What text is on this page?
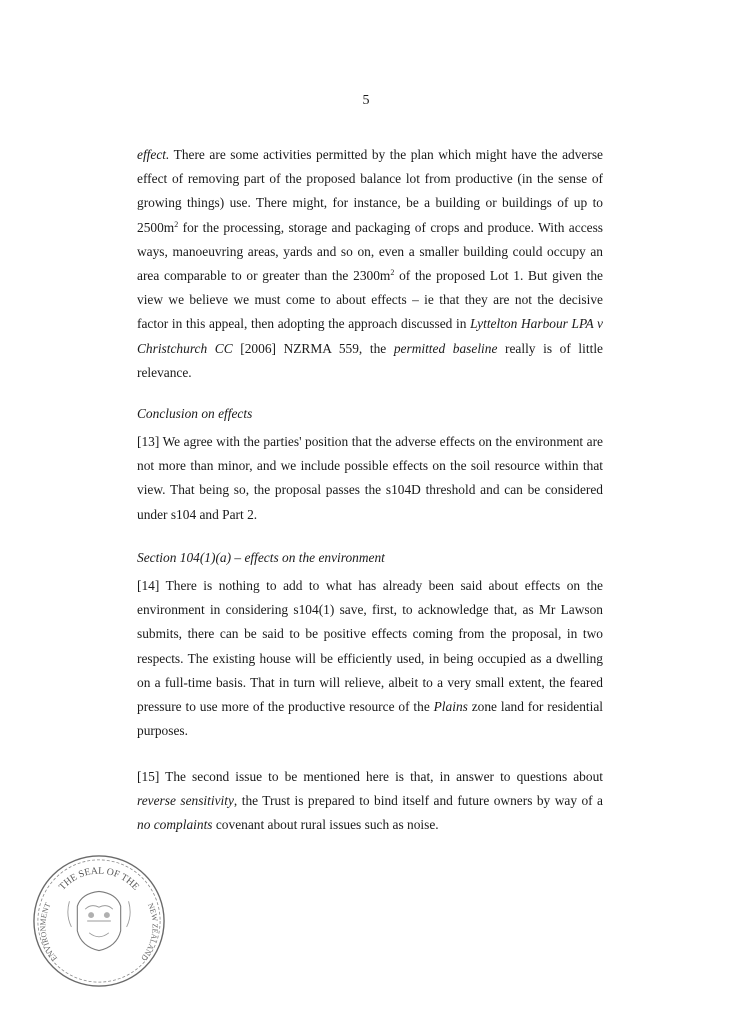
5

effect. There are some activities permitted by the plan which might have the adverse effect of removing part of the proposed balance lot from productive (in the sense of growing things) use. There might, for instance, be a building or buildings of up to $2500m^2$ for the processing, storage and packaging of crops and produce. With access ways, manoeuvring areas, yards and so on, even a smaller building could occupy an area comparable to or greater than the $2300m^2$ of the proposed Lot 1. But given the view we believe we must come to about effects – ie that they are not the decisive factor in this appeal, then adopting the approach discussed in Lyttelton Harbour LPA v Christchurch CC [2006] NZRMA 559, the permitted baseline really is of little relevance.

Conclusion on effects

[13] We agree with the parties' position that the adverse effects on the environment are not more than minor, and we include possible effects on the soil resource within that view. That being so, the proposal passes the s104D threshold and can be considered under s104 and Part 2.

Section 104(1)(a) – effects on the environment

[14] There is nothing to add to what has already been said about effects on the environment in considering s104(1) save, first, to acknowledge that, as Mr Lawson submits, there can be said to be positive effects coming from the proposal, in two respects. The existing house will be efficiently used, in being occupied as a dwelling on a full-time basis. That in turn will relieve, albeit to a very small extent, the feared pressure to use more of the productive resource of the Plains zone land for residential purposes.

[15] The second issue to be mentioned here is that, in answer to questions about reverse sensitivity, the Trust is prepared to bind itself and future owners by way of a no complaints covenant about rural issues such as noise.

THE SEAL OF THE
ENVIRONMENT	NEW ZEALAND
